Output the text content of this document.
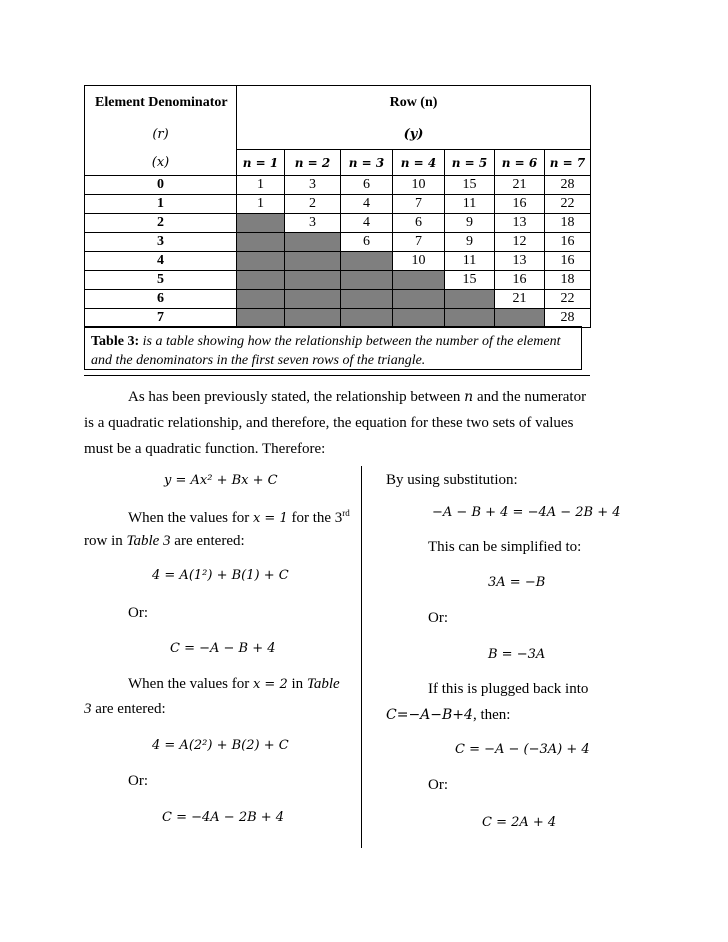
Element Denominator	Row (n)						
(r)	(y)						
(x)	n = 1	n = 2	n = 3	n = 4	n = 5	n = 6	n = 7
0	1	3	6	10	15	21	28
1	1	2	4	7	11	16	22
2		3	4	6	9	13	18
3			6	7	9	12	16
4				10	11	13	16
5					15	16	18
6						21	22
7							28
Table 3: is a table showing how the relationship between the number of the element and the denominators in the first seven rows of the triangle.
As has been previously stated, the relationship between n and the numerator is a quadratic relationship, and therefore, the equation for these two sets of values must be a quadratic function. Therefore:
y = Ax² + Bx + C
When the values for x = 1 for the 3rd
row in Table 3 are entered:
4 = A(1²) + B(1) + C
Or:
C = −A − B + 4
When the values for x = 2 in Table
3 are entered:
4 = A(2²) + B(2) + C
Or:
C = −4A − 2B + 4
By using substitution:
−A − B + 4 = −4A − 2B + 4
This can be simplified to:
3A = −B
Or:
B = −3A
If this is plugged back into
C=−A−B+4, then:
C = −A − (−3A) + 4
Or:
C = 2A + 4
